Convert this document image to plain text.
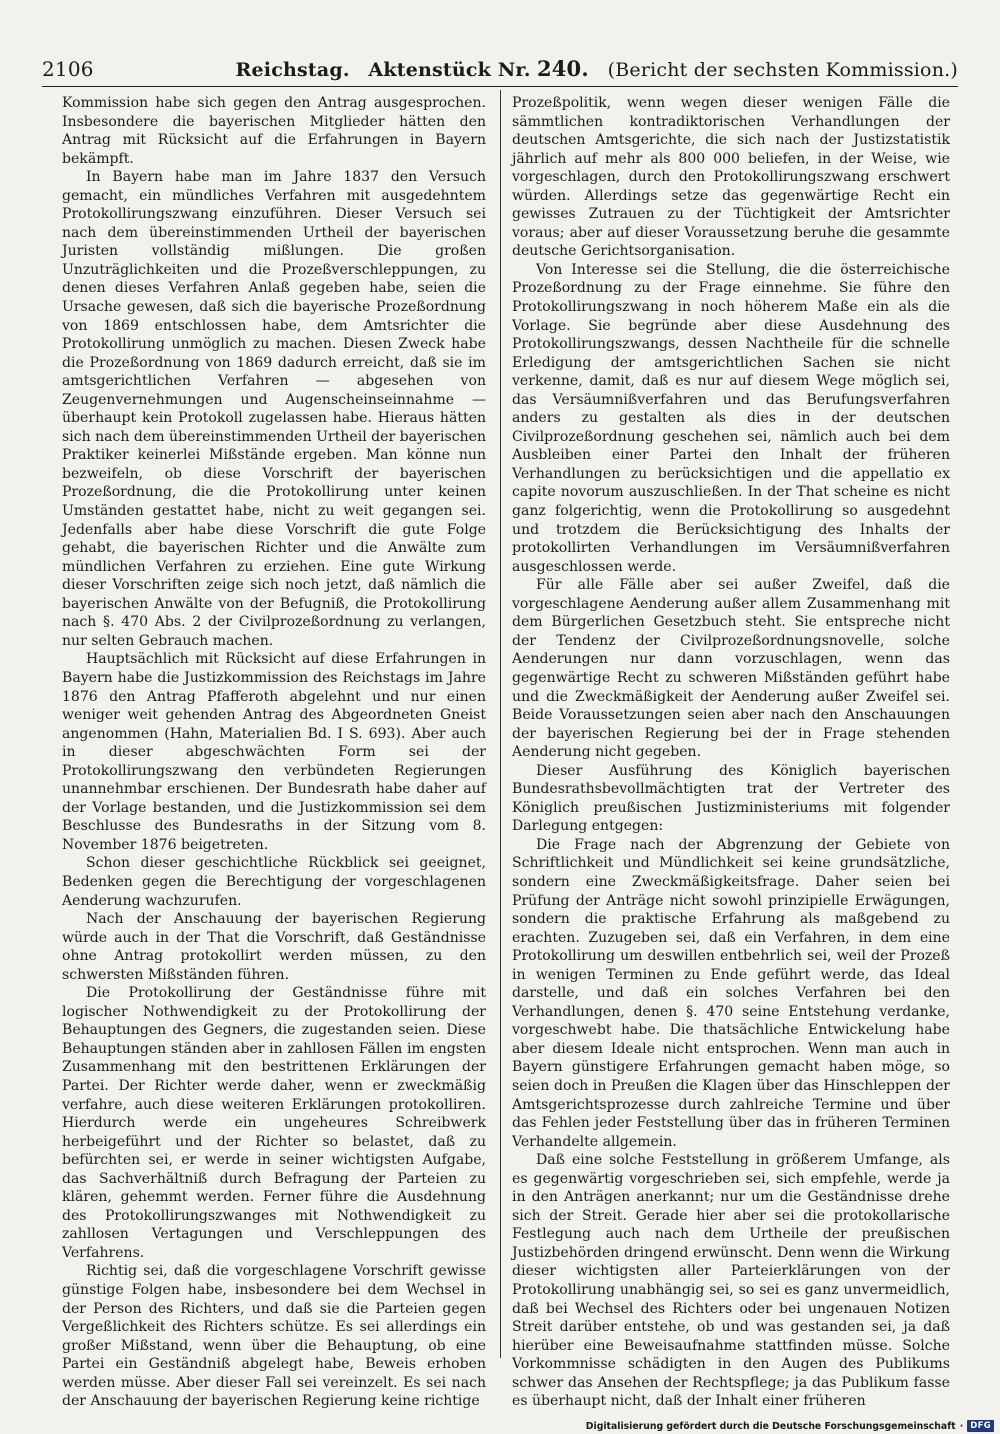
2106	Reichstag. Aktenstück Nr. 240. (Bericht der sechsten Kommission.)

Kommission habe sich gegen den Antrag ausgesprochen. Insbesondere die bayerischen Mitglieder hätten den Antrag mit Rücksicht auf die Erfahrungen in Bayern bekämpft.

In Bayern habe man im Jahre 1837 den Versuch gemacht, ein mündliches Verfahren mit ausgedehntem Protokollirungszwang einzuführen. Dieser Versuch sei nach dem übereinstimmenden Urtheil der bayerischen Juristen vollständig mißlungen. Die großen Unzuträglichkeiten und die Prozeßverschleppungen, zu denen dieses Verfahren Anlaß gegeben habe, seien die Ursache gewesen, daß sich die bayerische Prozeßordnung von 1869 entschlossen habe, dem Amtsrichter die Protokollirung unmöglich zu machen. Diesen Zweck habe die Prozeßordnung von 1869 dadurch erreicht, daß sie im amtsgerichtlichen Verfahren — abgesehen von Zeugenvernehmungen und Augenscheinseinnahme — überhaupt kein Protokoll zugelassen habe. Hieraus hätten sich nach dem übereinstimmenden Urtheil der bayerischen Praktiker keinerlei Mißstände ergeben. Man könne nun bezweifeln, ob diese Vorschrift der bayerischen Prozeßordnung, die die Protokollirung unter keinen Umständen gestattet habe, nicht zu weit gegangen sei. Jedenfalls aber habe diese Vorschrift die gute Folge gehabt, die bayerischen Richter und die Anwälte zum mündlichen Verfahren zu erziehen. Eine gute Wirkung dieser Vorschriften zeige sich noch jetzt, daß nämlich die bayerischen Anwälte von der Befugniß, die Protokollirung nach §. 470 Abs. 2 der Civilprozeßordnung zu verlangen, nur selten Gebrauch machen.

Hauptsächlich mit Rücksicht auf diese Erfahrungen in Bayern habe die Justizkommission des Reichstags im Jahre 1876 den Antrag Pfafferoth abgelehnt und nur einen weniger weit gehenden Antrag des Abgeordneten Gneist angenommen (Hahn, Materialien Bd. I S. 693). Aber auch in dieser abgeschwächten Form sei der Protokollirungszwang den verbündeten Regierungen unannehmbar erschienen. Der Bundesrath habe daher auf der Vorlage bestanden, und die Justizkommission sei dem Beschlusse des Bundesraths in der Sitzung vom 8. November 1876 beigetreten.

Schon dieser geschichtliche Rückblick sei geeignet, Bedenken gegen die Berechtigung der vorgeschlagenen Aenderung wachzurufen.

Nach der Anschauung der bayerischen Regierung würde auch in der That die Vorschrift, daß Geständnisse ohne Antrag protokollirt werden müssen, zu den schwersten Mißständen führen.

Die Protokollirung der Geständnisse führe mit logischer Nothwendigkeit zu der Protokollirung der Behauptungen des Gegners, die zugestanden seien. Diese Behauptungen ständen aber in zahllosen Fällen im engsten Zusammenhang mit den bestrittenen Erklärungen der Partei. Der Richter werde daher, wenn er zweckmäßig verfahre, auch diese weiteren Erklärungen protokolliren. Hierdurch werde ein ungeheures Schreibwerk herbeigeführt und der Richter so belastet, daß zu befürchten sei, er werde in seiner wichtigsten Aufgabe, das Sachverhältniß durch Befragung der Parteien zu klären, gehemmt werden. Ferner führe die Ausdehnung des Protokollirungszwanges mit Nothwendigkeit zu zahllosen Vertagungen und Verschleppungen des Verfahrens.

Richtig sei, daß die vorgeschlagene Vorschrift gewisse günstige Folgen habe, insbesondere bei dem Wechsel in der Person des Richters, und daß sie die Parteien gegen Vergeßlichkeit des Richters schütze. Es sei allerdings ein großer Mißstand, wenn über die Behauptung, ob eine Partei ein Geständniß abgelegt habe, Beweis erhoben werden müsse. Aber dieser Fall sei vereinzelt. Es sei nach der Anschauung der bayerischen Regierung keine richtige

Prozeßpolitik, wenn wegen dieser wenigen Fälle die sämmtlichen kontradiktorischen Verhandlungen der deutschen Amtsgerichte, die sich nach der Justizstatistik jährlich auf mehr als 800 000 beliefen, in der Weise, wie vorgeschlagen, durch den Protokollirungszwang erschwert würden. Allerdings setze das gegenwärtige Recht ein gewisses Zutrauen zu der Tüchtigkeit der Amtsrichter voraus; aber auf dieser Voraussetzung beruhe die gesammte deutsche Gerichtsorganisation.

Von Interesse sei die Stellung, die die österreichische Prozeßordnung zu der Frage einnehme. Sie führe den Protokollirungszwang in noch höherem Maße ein als die Vorlage. Sie begründe aber diese Ausdehnung des Protokollirungszwangs, dessen Nachtheile für die schnelle Erledigung der amtsgerichtlichen Sachen sie nicht verkenne, damit, daß es nur auf diesem Wege möglich sei, das Versäumnißverfahren und das Berufungsverfahren anders zu gestalten als dies in der deutschen Civilprozeßordnung geschehen sei, nämlich auch bei dem Ausbleiben einer Partei den Inhalt der früheren Verhandlungen zu berücksichtigen und die appellatio ex capite novorum auszuschließen. In der That scheine es nicht ganz folgerichtig, wenn die Protokollirung so ausgedehnt und trotzdem die Berücksichtigung des Inhalts der protokollirten Verhandlungen im Versäumnißverfahren ausgeschlossen werde.

Für alle Fälle aber sei außer Zweifel, daß die vorgeschlagene Aenderung außer allem Zusammenhang mit dem Bürgerlichen Gesetzbuch steht. Sie entspreche nicht der Tendenz der Civilprozeßordnungsnovelle, solche Aenderungen nur dann vorzuschlagen, wenn das gegenwärtige Recht zu schweren Mißständen geführt habe und die Zweckmäßigkeit der Aenderung außer Zweifel sei. Beide Voraussetzungen seien aber nach den Anschauungen der bayerischen Regierung bei der in Frage stehenden Aenderung nicht gegeben.

Dieser Ausführung des Königlich bayerischen Bundesrathsbevollmächtigten trat der Vertreter des Königlich preußischen Justizministeriums mit folgender Darlegung entgegen:

Die Frage nach der Abgrenzung der Gebiete von Schriftlichkeit und Mündlichkeit sei keine grundsätzliche, sondern eine Zweckmäßigkeitsfrage. Daher seien bei Prüfung der Anträge nicht sowohl prinzipielle Erwägungen, sondern die praktische Erfahrung als maßgebend zu erachten. Zuzugeben sei, daß ein Verfahren, in dem eine Protokollirung um deswillen entbehrlich sei, weil der Prozeß in wenigen Terminen zu Ende geführt werde, das Ideal darstelle, und daß ein solches Verfahren bei den Verhandlungen, denen §. 470 seine Entstehung verdanke, vorgeschwebt habe. Die thatsächliche Entwickelung habe aber diesem Ideale nicht entsprochen. Wenn man auch in Bayern günstigere Erfahrungen gemacht haben möge, so seien doch in Preußen die Klagen über das Hinschleppen der Amtsgerichtsprozesse durch zahlreiche Termine und über das Fehlen jeder Feststellung über das in früheren Terminen Verhandelte allgemein.

Daß eine solche Feststellung in größerem Umfange, als es gegenwärtig vorgeschrieben sei, sich empfehle, werde ja in den Anträgen anerkannt; nur um die Geständnisse drehe sich der Streit. Gerade hier aber sei die protokollarische Festlegung auch nach dem Urtheile der preußischen Justizbehörden dringend erwünscht. Denn wenn die Wirkung dieser wichtigsten aller Parteierklärungen von der Protokollirung unabhängig sei, so sei es ganz unvermeidlich, daß bei Wechsel des Richters oder bei ungenauen Notizen Streit darüber entstehe, ob und was gestanden sei, ja daß hierüber eine Beweisaufnahme stattfinden müsse. Solche Vorkommnisse schädigten in den Augen des Publikums schwer das Ansehen der Rechtspflege; ja das Publikum fasse es überhaupt nicht, daß der Inhalt einer früheren

Digitalisierung gefördert durch die Deutsche Forschungsgemeinschaft · DFG
